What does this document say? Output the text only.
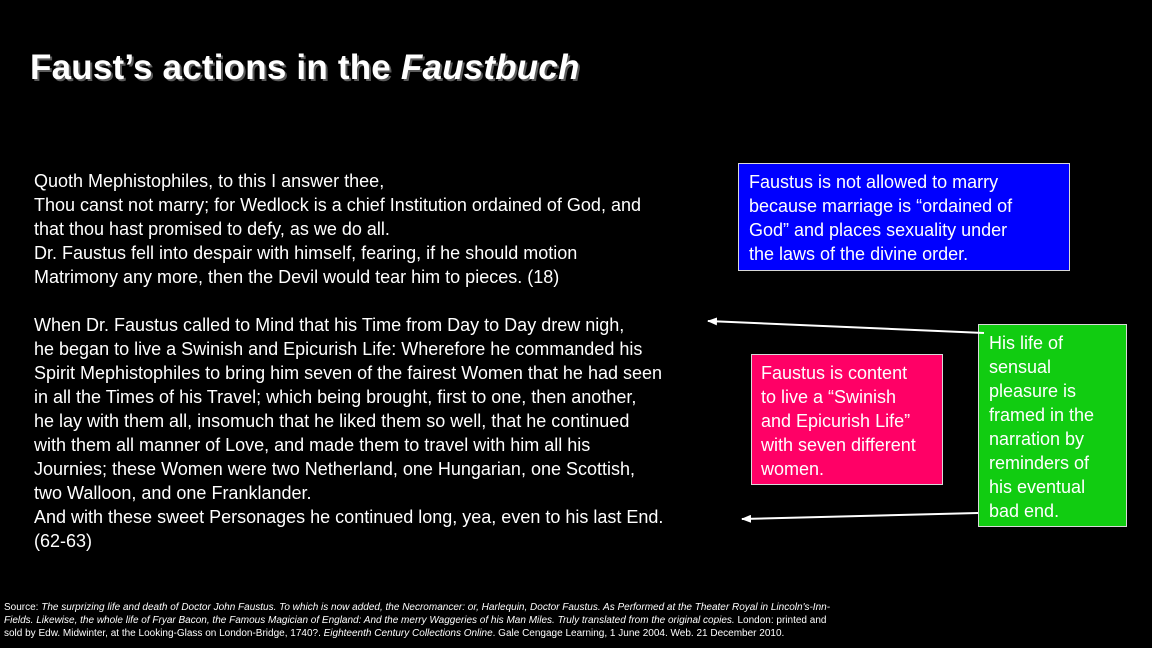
Faust’s actions in the Faustbuch
Quoth Mephistophiles, to this I answer thee,
Thou canst not marry; for Wedlock is a chief Institution ordained of God, and
that thou hast promised to defy, as we do all.
Dr. Faustus fell into despair with himself, fearing, if he should motion
Matrimony any more, then the Devil would tear him to pieces. (18)
When Dr. Faustus called to Mind that his Time from Day to Day drew nigh,
he began to live a Swinish and Epicurish Life: Wherefore he commanded his
Spirit Mephistophiles to bring him seven of the fairest Women that he had seen
in all the Times of his Travel; which being brought, first to one, then another,
he lay with them all, insomuch that he liked them so well, that he continued
with them all manner of Love, and made them to travel with him all his
Journies; these Women were two Netherland, one Hungarian, one Scottish,
two Walloon, and one Franklander.
And with these sweet Personages he continued long, yea, even to his last End.
(62-63)
Faustus is not allowed to marry
because marriage is “ordained of
God” and places sexuality under
the laws of the divine order.
Faustus is content
to live a “Swinish
and Epicurish Life”
with seven different
women.
His life of
sensual
pleasure is
framed in the
narration by
reminders of
his eventual
bad end.
Source: The surprizing life and death of Doctor John Faustus. To which is now added, the Necromancer: or, Harlequin, Doctor Faustus. As Performed at the Theater Royal in Lincoln's-Inn-
Fields. Likewise, the whole life of Fryar Bacon, the Famous Magician of England: And the merry Waggeries of his Man Miles. Truly translated from the original copies. London: printed and
sold by Edw. Midwinter, at the Looking-Glass on London-Bridge, 1740?. Eighteenth Century Collections Online. Gale Cengage Learning, 1 June 2004. Web. 21 December 2010.
